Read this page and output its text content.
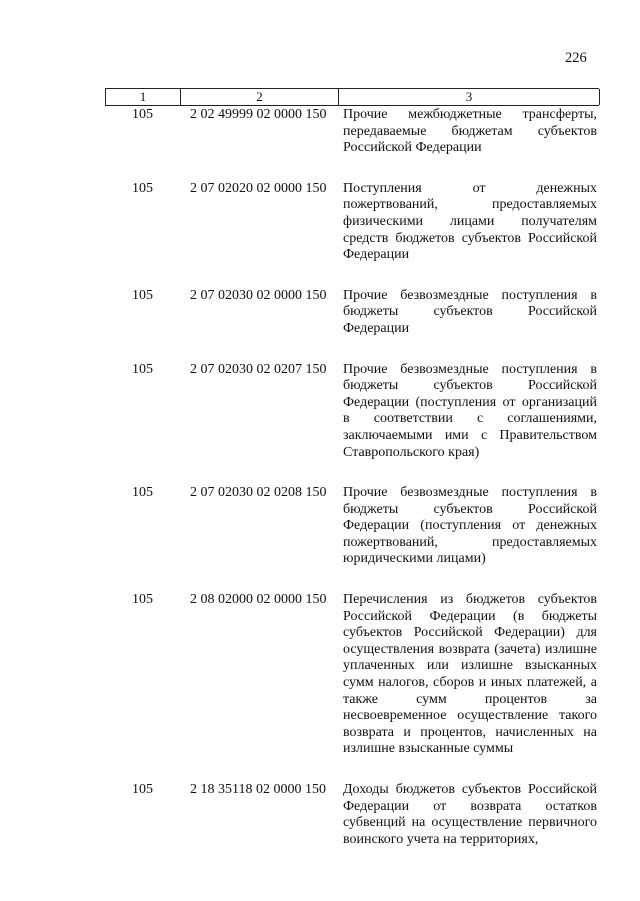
226
1	2	3
105	2 02 49999 02 0000 150	Прочие межбюджетные трансферты, передаваемые бюджетам субъектов Российской Федерации
105	2 07 02020 02 0000 150	Поступления от денежных пожертвований, предоставляемых физическими лицами получателям средств бюджетов субъектов Российской Федерации
105	2 07 02030 02 0000 150	Прочие безвозмездные поступления в бюджеты субъектов Российской Федерации
105	2 07 02030 02 0207 150	Прочие безвозмездные поступления в бюджеты субъектов Российской Федерации (поступления от организаций в соответствии с соглашениями, заключаемыми ими с Правительством Ставропольского края)
105	2 07 02030 02 0208 150	Прочие безвозмездные поступления в бюджеты субъектов Российской Федерации (поступления от денежных пожертвований, предоставляемых юридическими лицами)
105	2 08 02000 02 0000 150	Перечисления из бюджетов субъектов Российской Федерации (в бюджеты субъектов Российской Федерации) для осуществления возврата (зачета) излишне уплаченных или излишне взысканных сумм налогов, сборов и иных платежей, а также сумм процентов за несвоевременное осуществление такого возврата и процентов, начисленных на излишне взысканные суммы
105	2 18 35118 02 0000 150	Доходы бюджетов субъектов Российской Федерации от возврата остатков субвенций на осуществление первичного воинского учета на территориях,
